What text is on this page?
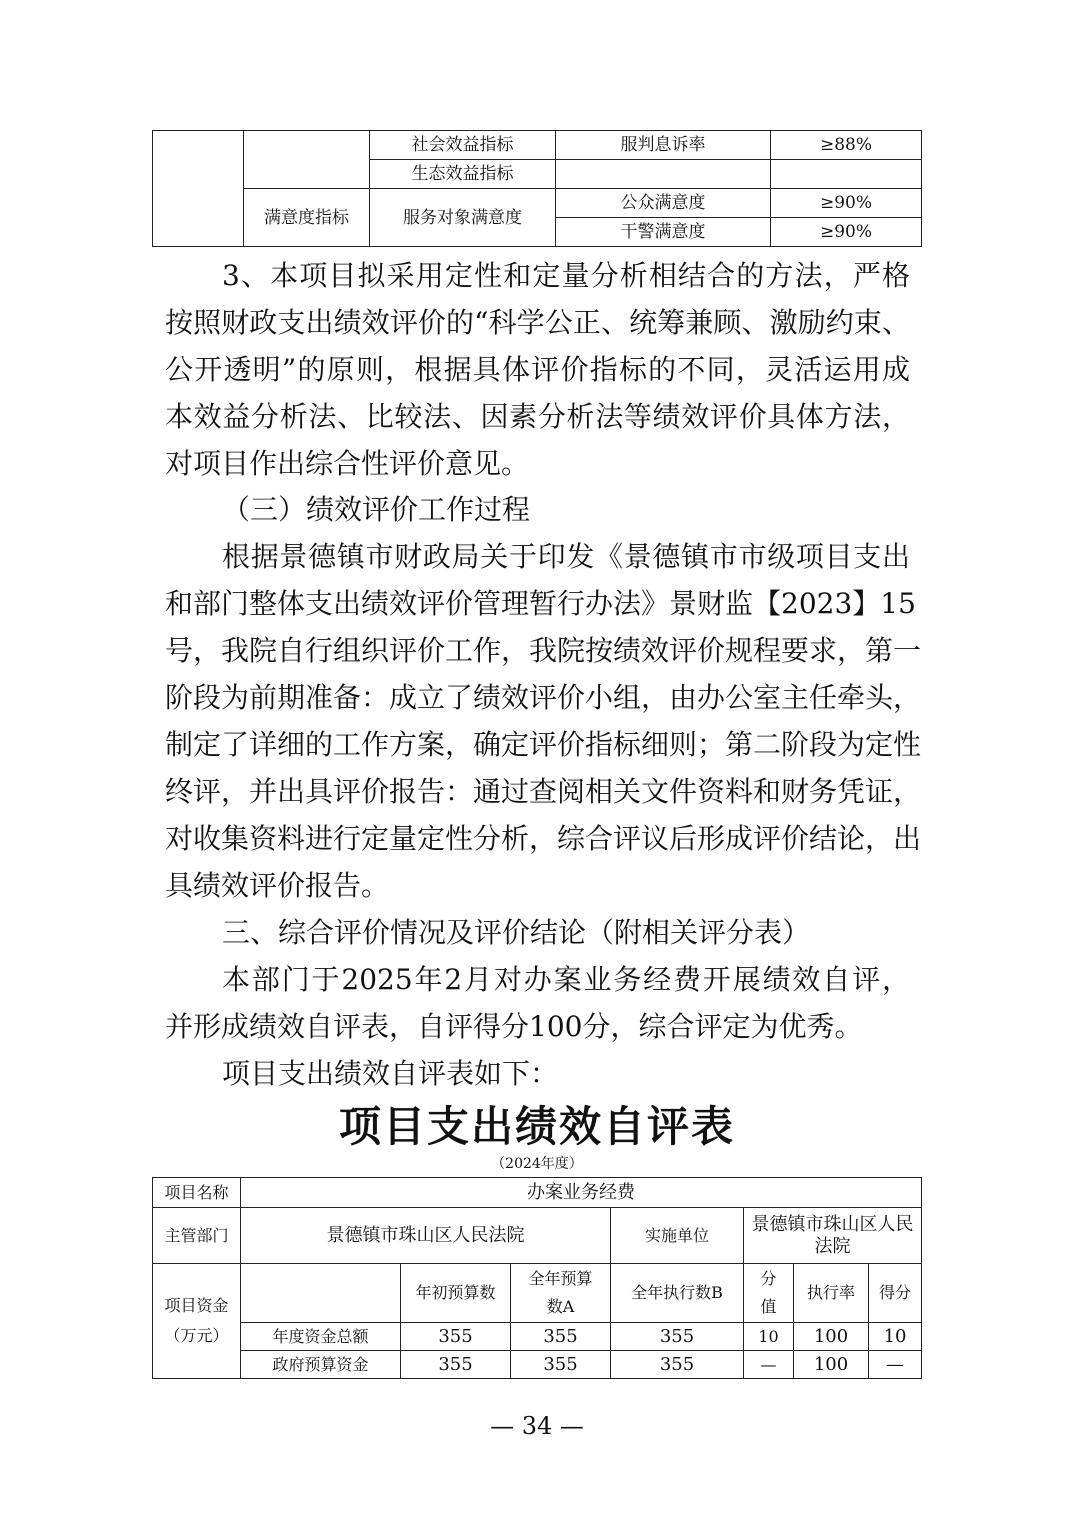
		社会效益指标	服判息诉率	≥88%
		生态效益指标		
	满意度指标	服务对象满意度	公众满意度	≥90%
			干警满意度	≥90%
3、本项目拟采用定性和定量分析相结合的方法，严格
按照财政支出绩效评价的“科学公正、统筹兼顾、激励约束、
公开透明”的原则，根据具体评价指标的不同，灵活运用成
本效益分析法、比较法、因素分析法等绩效评价具体方法，
对项目作出综合性评价意见。
（三）绩效评价工作过程
根据景德镇市财政局关于印发《景德镇市市级项目支出
和部门整体支出绩效评价管理暂行办法》景财监【2023】15
号，我院自行组织评价工作，我院按绩效评价规程要求，第一
阶段为前期准备：成立了绩效评价小组，由办公室主任牵头，
制定了详细的工作方案，确定评价指标细则；第二阶段为定性
终评，并出具评价报告：通过查阅相关文件资料和财务凭证，
对收集资料进行定量定性分析，综合评议后形成评价结论，出
具绩效评价报告。
三、综合评价情况及评价结论（附相关评分表）
本部门于2025年2月对办案业务经费开展绩效自评，
并形成绩效自评表，自评得分100分，综合评定为优秀。
项目支出绩效自评表如下：
项目支出绩效自评表
（2024年度）
项目名称	办案业务经费						
主管部门	景德镇市珠山区人民法院			实施单位	景德镇市珠山区人民法院		
项目资金（万元）		年初预算数	全年预算数A	全年执行数B	分值	执行率	得分
	年度资金总额	355	355	355	10	100	10
	政府预算资金	355	355	355	—	100	—
— 34 —
